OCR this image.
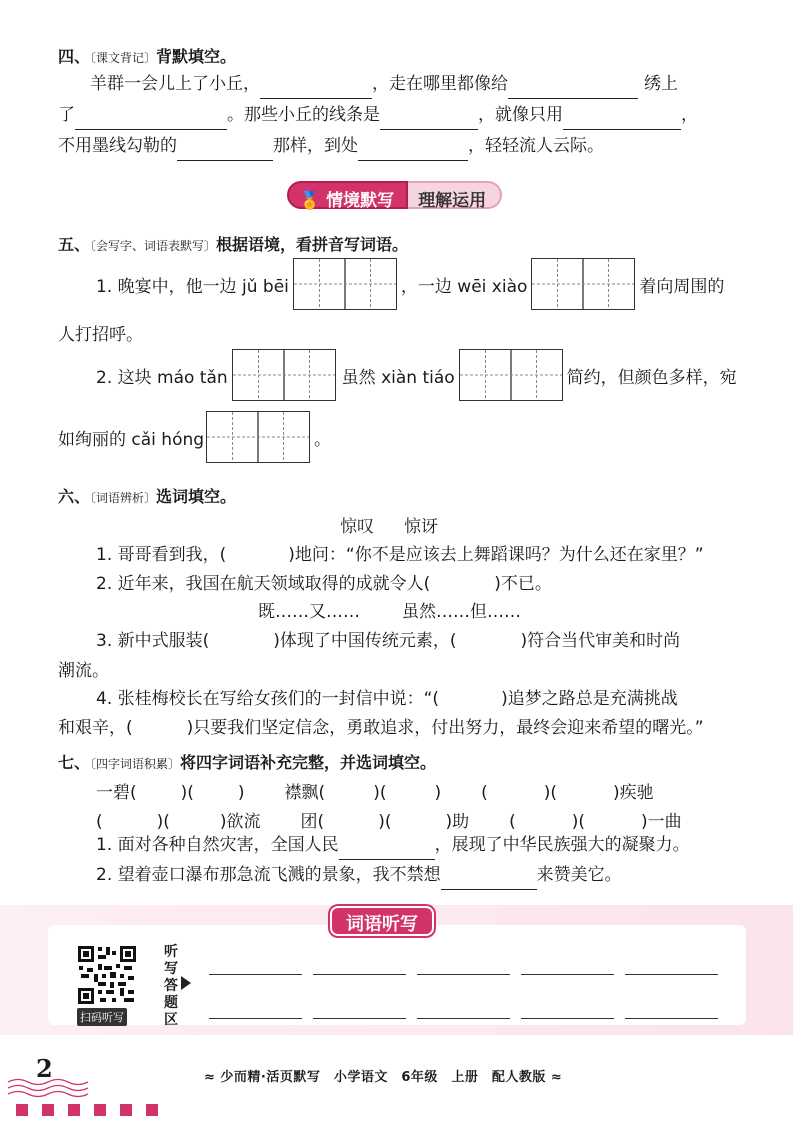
四、〔课文背记〕背默填空。
羊群一会儿上了小丘，	，走在哪里都像给	绣上
了	。那些小丘的线条是	，就像只用	，
不用墨线勾勒的	那样，到处	，轻轻流人云际。
🏅 情境默写	理解运用
五、〔会写字、词语表默写〕根据语境，看拼音写词语。
1. 晚宴中，他一边 jǔ bēi	，一边 wēi xiào	着向周围的
人打招呼。
2. 这块 máo tǎn	虽然 xiàn tiáo	简约，但颜色多样，宛
如绚丽的 cǎi hóng	。
六、〔词语辨析〕选词填空。
惊叹 惊讶
1. 哥哥看到我，(	)地问：“你不是应该去上舞蹈课吗？为什么还在家里？”
2. 近年来，我国在航天领域取得的成就令人(	)不已。
既……又…… 虽然……但……
3. 新中式服装(	)体现了中国传统元素，(	)符合当代审美和时尚
潮流。
4. 张桂梅校长在写给女孩们的一封信中说：“(	)追梦之路总是充满挑战
和艰辛，(	)只要我们坚定信念，勇敢追求，付出努力，最终会迎来希望的曙光。”
七、〔四字词语积累〕将四字词语补充完整，并选词填空。
一碧(	)(	) 襟飘(	)(	) (	)(	)疾驰
(	)(	)欲流 团(	)(	)助 (	)(	)一曲
1. 面对各种自然灾害，全国人民	，展现了中华民族强大的凝聚力。
2. 望着壶口瀑布那急流飞溅的景象，我不禁想	来赞美它。
词语听写
扫码听写
听写答题区
2	≈ 少而精·活页默写　小学语文　6年级　上册　配人教版 ≈
